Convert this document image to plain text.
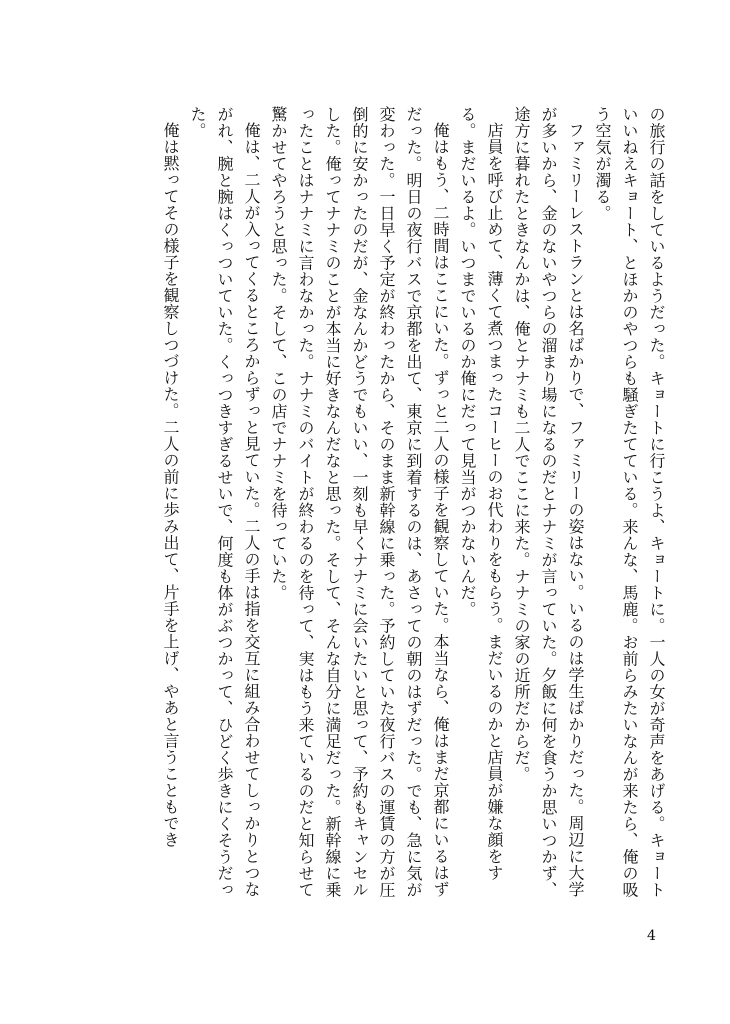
の旅行の話をしているようだった。キョートに行こうよ、キョートに。一人の女が奇声をあげる。キョートいいねえキョート、とほかのやつらも騒ぎたてている。来んな、馬鹿。お前らみたいなんが来たら、俺の吸う空気が濁る。

ファミリーレストランとは名ばかりで、ファミリーの姿はない。いるのは学生ばかりだった。周辺に大学が多いから、金のないやつらの溜まり場になるのだとナナミが言っていた。夕飯に何を食うか思いつかず、途方に暮れたときなんかは、俺とナナミも二人でここに来た。ナナミの家の近所だからだ。

店員を呼び止めて、薄くて煮つまったコーヒーのお代わりをもらう。まだいるのかと店員が嫌な顔をする。まだいるよ。いつまでいるのか俺にだって見当がつかないんだ。

俺はもう、二時間はここにいた。ずっと二人の様子を観察していた。本当なら、俺はまだ京都にいるはずだった。明日の夜行バスで京都を出て、東京に到着するのは、あさっての朝のはずだった。でも、急に気が変わった。一日早く予定が終わったから、そのまま新幹線に乗った。予約していた夜行バスの運賃の方が圧倒的に安かったのだが、金なんかどうでもいい、一刻も早くナナミに会いたいと思って、予約もキャンセルした。俺ってナナミのことが本当に好きなんだなと思った。そして、そんな自分に満足だった。新幹線に乗ったことはナナミに言わなかった。ナナミのバイトが終わるのを待って、実はもう来ているのだと知らせて驚かせてやろうと思った。そして、この店でナナミを待っていた。

俺は、二人が入ってくるところからずっと見ていた。二人の手は指を交互に組み合わせてしっかりとつながれ、腕と腕はくっついていた。くっつきすぎるせいで、何度も体がぶつかって、ひどく歩きにくそうだった。

俺は黙ってその様子を観察しつづけた。二人の前に歩み出て、片手を上げ、やあと言うこともでき

4
